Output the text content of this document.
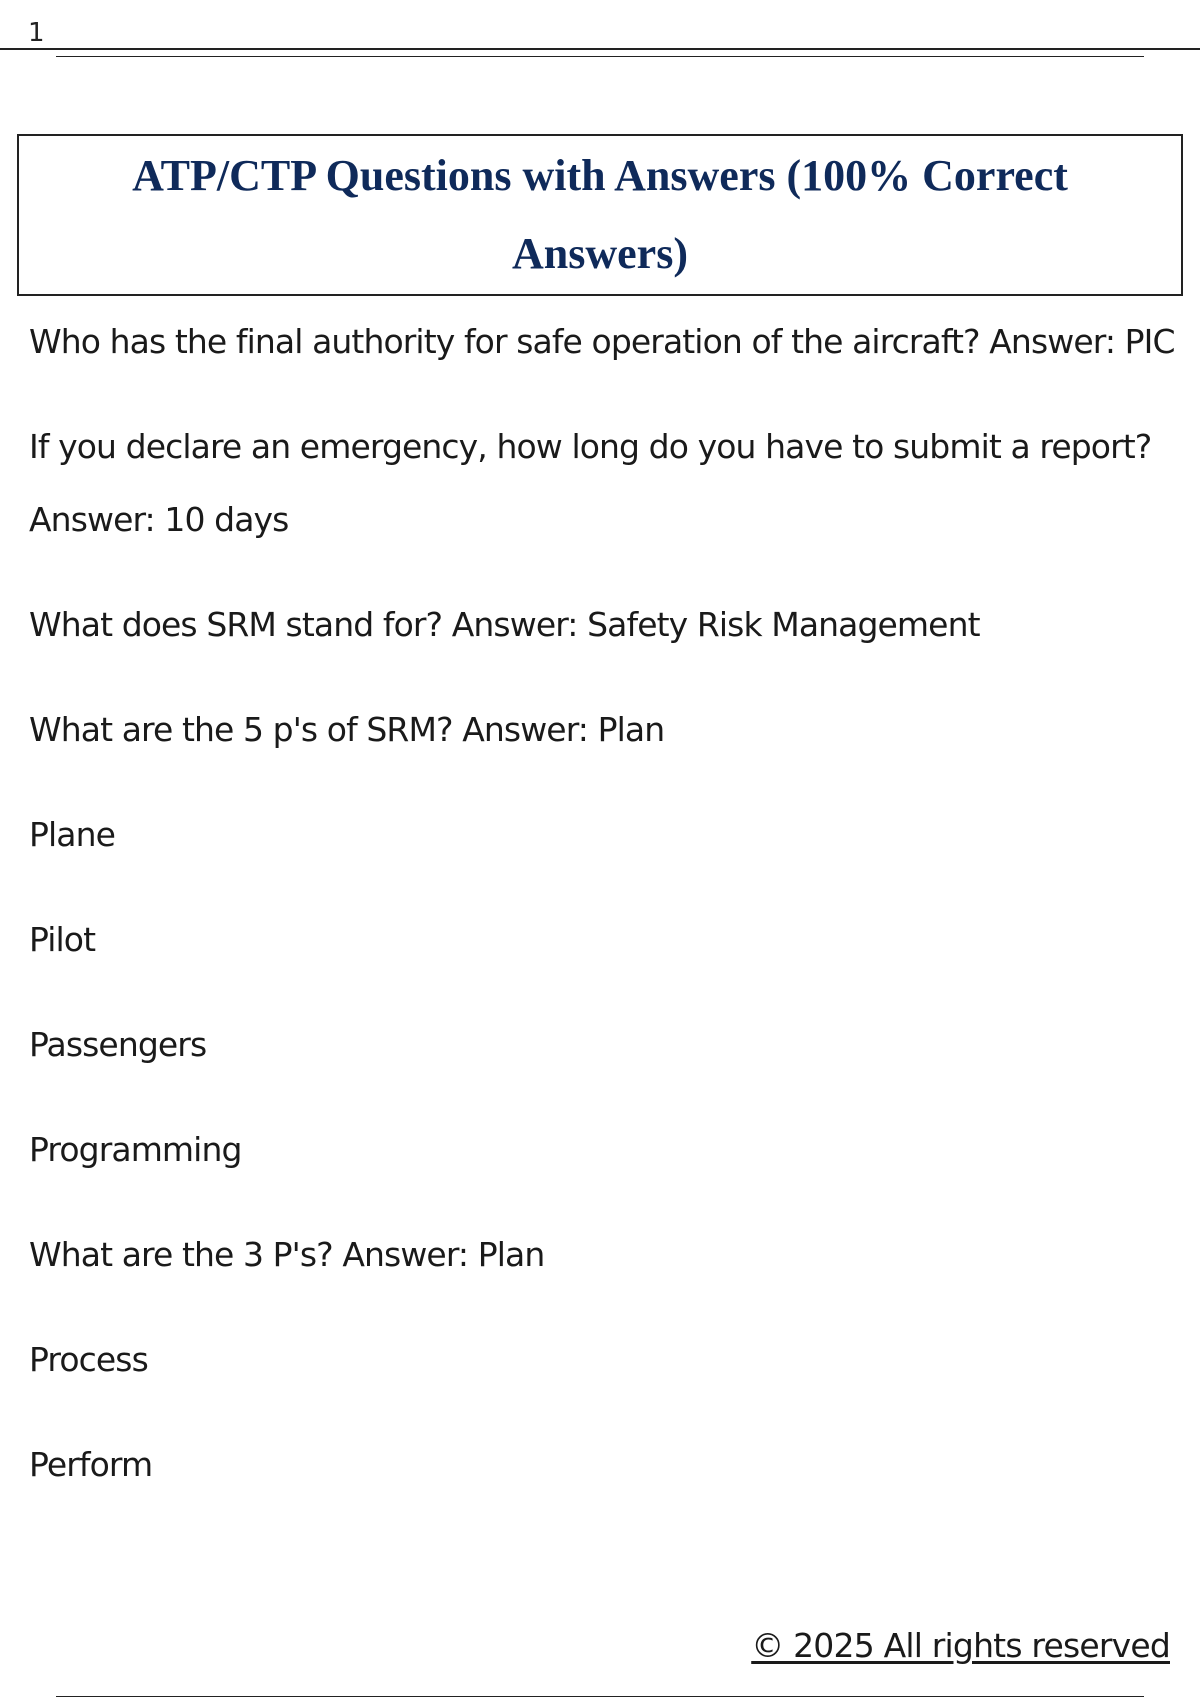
1
ATP/CTP Questions with Answers (100% Correct Answers)

Who has the final authority for safe operation of the aircraft? Answer: PIC

If you declare an emergency, how long do you have to submit a report? Answer: 10 days

What does SRM stand for? Answer: Safety Risk Management

What are the 5 p's of SRM? Answer: Plan

Plane

Pilot

Passengers

Programming

What are the 3 P's? Answer: Plan

Process

Perform

© 2025 All rights reserved
